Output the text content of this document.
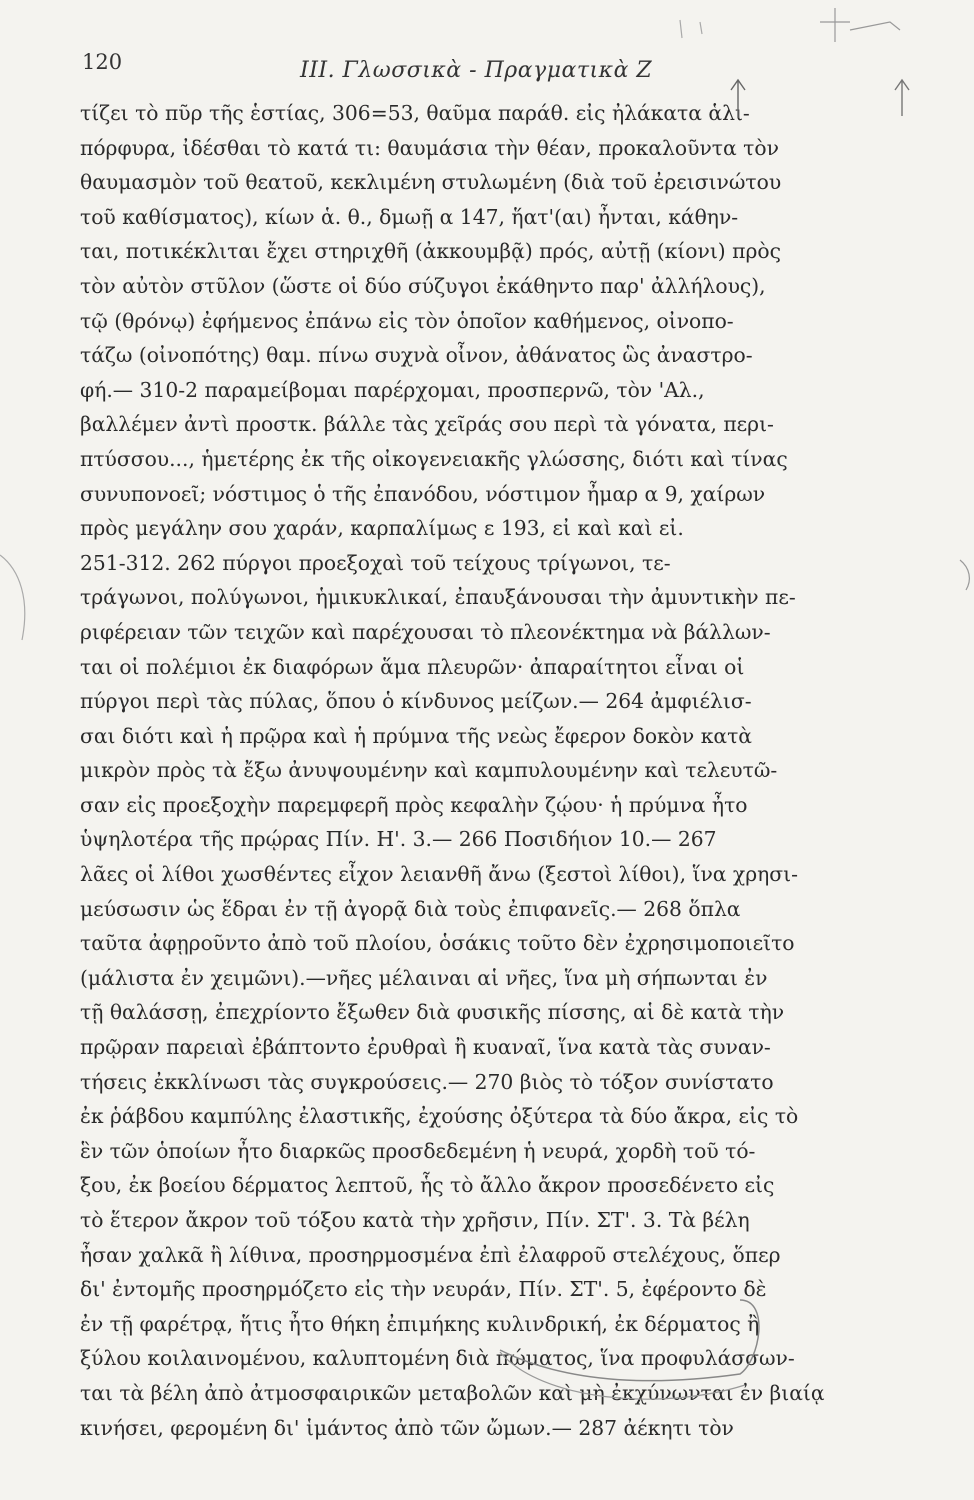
120	III. Γλωσσικὰ - Πραγματικὰ Ζ
τίζει τὸ πῦρ τῆς ἑστίας, 306=53, θαῦμα παράθ. εἰς ἠλάκατα ἁλι-
πόρφυρα, ἰδέσθαι τὸ κατά τι: θαυμάσια τὴν θέαν, προκαλοῦντα τὸν
θαυμασμὸν τοῦ θεατοῦ, κεκλιμένη στυλωμένη (διὰ τοῦ ἐρεισινώτου
τοῦ καθίσματος), κίων ἁ. θ., δμωῇ α 147, ἥατ'(αι) ἦνται, κάθην-
ται, ποτικέκλιται ἔχει στηριχθῆ (ἀκκουμβᾷ) πρός, αὐτῇ (κίονι) πρὸς
τὸν αὐτὸν στῦλον (ὥστε οἱ δύο σύζυγοι ἐκάθηντο παρ' ἀλλήλους),
τῷ (θρόνῳ) ἐφήμενος ἐπάνω εἰς τὸν ὁποῖον καθήμενος, οἰνοπο-
τάζω (οἰνοπότης) θαμ. πίνω συχνὰ οἶνον, ἀθάνατος ὣς ἀναστρο-
φή.— 310-2 παραμείβομαι παρέρχομαι, προσπερνῶ, τὸν 'Αλ.,
βαλλέμεν ἀντὶ προστκ. βάλλε τὰς χεῖράς σου περὶ τὰ γόνατα, περι-
πτύσσου..., ἡμετέρης ἐκ τῆς οἰκογενειακῆς γλώσσης, διότι καὶ τίνας
συνυπονοεῖ; νόστιμος ὁ τῆς ἐπανόδου, νόστιμον ἦμαρ α 9, χαίρων
πρὸς μεγάλην σου χαράν, καρπαλίμως ε 193, εἰ καὶ καὶ εἰ.
251-312. 262 πύργοι προεξοχαὶ τοῦ τείχους τρίγωνοι, τε-
τράγωνοι, πολύγωνοι, ἡμικυκλικαί, ἐπαυξάνουσαι τὴν ἀμυντικὴν πε-
ριφέρειαν τῶν τειχῶν καὶ παρέχουσαι τὸ πλεονέκτημα νὰ βάλλων-
ται οἱ πολέμιοι ἐκ διαφόρων ἅμα πλευρῶν· ἀπαραίτητοι εἶναι οἱ
πύργοι περὶ τὰς πύλας, ὅπου ὁ κίνδυνος μείζων.— 264 ἀμφιέλισ-
σαι διότι καὶ ἡ πρῷρα καὶ ἡ πρύμνα τῆς νεὼς ἔφερον δοκὸν κατὰ
μικρὸν πρὸς τὰ ἔξω ἀνυψουμένην καὶ καμπυλουμένην καὶ τελευτῶ-
σαν εἰς προεξοχὴν παρεμφερῆ πρὸς κεφαλὴν ζῴου· ἡ πρύμνα ἦτο
ὑψηλοτέρα τῆς πρῴρας Πίν. Η'. 3.— 266 Ποσιδήιον 10.— 267
λᾶες οἱ λίθοι χωσθέντες εἶχον λειανθῆ ἄνω (ξεστοὶ λίθοι), ἵνα χρησι-
μεύσωσιν ὡς ἕδραι ἐν τῇ ἀγορᾷ διὰ τοὺς ἐπιφανεῖς.— 268 ὅπλα
ταῦτα ἀφῃροῦντο ἀπὸ τοῦ πλοίου, ὁσάκις τοῦτο δὲν ἐχρησιμοποιεῖτο
(μάλιστα ἐν χειμῶνι).—νῆες μέλαιναι αἱ νῆες, ἵνα μὴ σήπωνται ἐν
τῇ θαλάσσῃ, ἐπεχρίοντο ἔξωθεν διὰ φυσικῆς πίσσης, αἱ δὲ κατὰ τὴν
πρῷραν παρειαὶ ἐβάπτοντο ἐρυθραὶ ἢ κυαναῖ, ἵνα κατὰ τὰς συναν-
τήσεις ἐκκλίνωσι τὰς συγκρούσεις.— 270 βιὸς τὸ τόξον συνίστατο
ἐκ ῥάβδου καμπύλης ἐλαστικῆς, ἐχούσης ὀξύτερα τὰ δύο ἄκρα, εἰς τὸ
ἓν τῶν ὁποίων ἦτο διαρκῶς προσδεδεμένη ἡ νευρά, χορδὴ τοῦ τό-
ξου, ἐκ βοείου δέρματος λεπτοῦ, ἧς τὸ ἄλλο ἄκρον προσεδένετο εἰς
τὸ ἕτερον ἄκρον τοῦ τόξου κατὰ τὴν χρῆσιν, Πίν. ΣΤ'. 3. Τὰ βέλη
ἦσαν χαλκᾶ ἢ λίθινα, προσηρμοσμένα ἐπὶ ἐλαφροῦ στελέχους, ὅπερ
δι' ἐντομῆς προσηρμόζετο εἰς τὴν νευράν, Πίν. ΣΤ'. 5, ἐφέροντο δὲ
ἐν τῇ φαρέτρᾳ, ἥτις ἦτο θήκη ἐπιμήκης κυλινδρική, ἐκ δέρματος ἢ
ξύλου κοιλαινομένου, καλυπτομένη διὰ πώματος, ἵνα προφυλάσσων-
ται τὰ βέλη ἀπὸ ἀτμοσφαιρικῶν μεταβολῶν καὶ μὴ ἐκχύνωνται ἐν βιαίᾳ
κινήσει, φερομένη δι' ἱμάντος ἀπὸ τῶν ὤμων.— 287 ἀέκητι τὸν
